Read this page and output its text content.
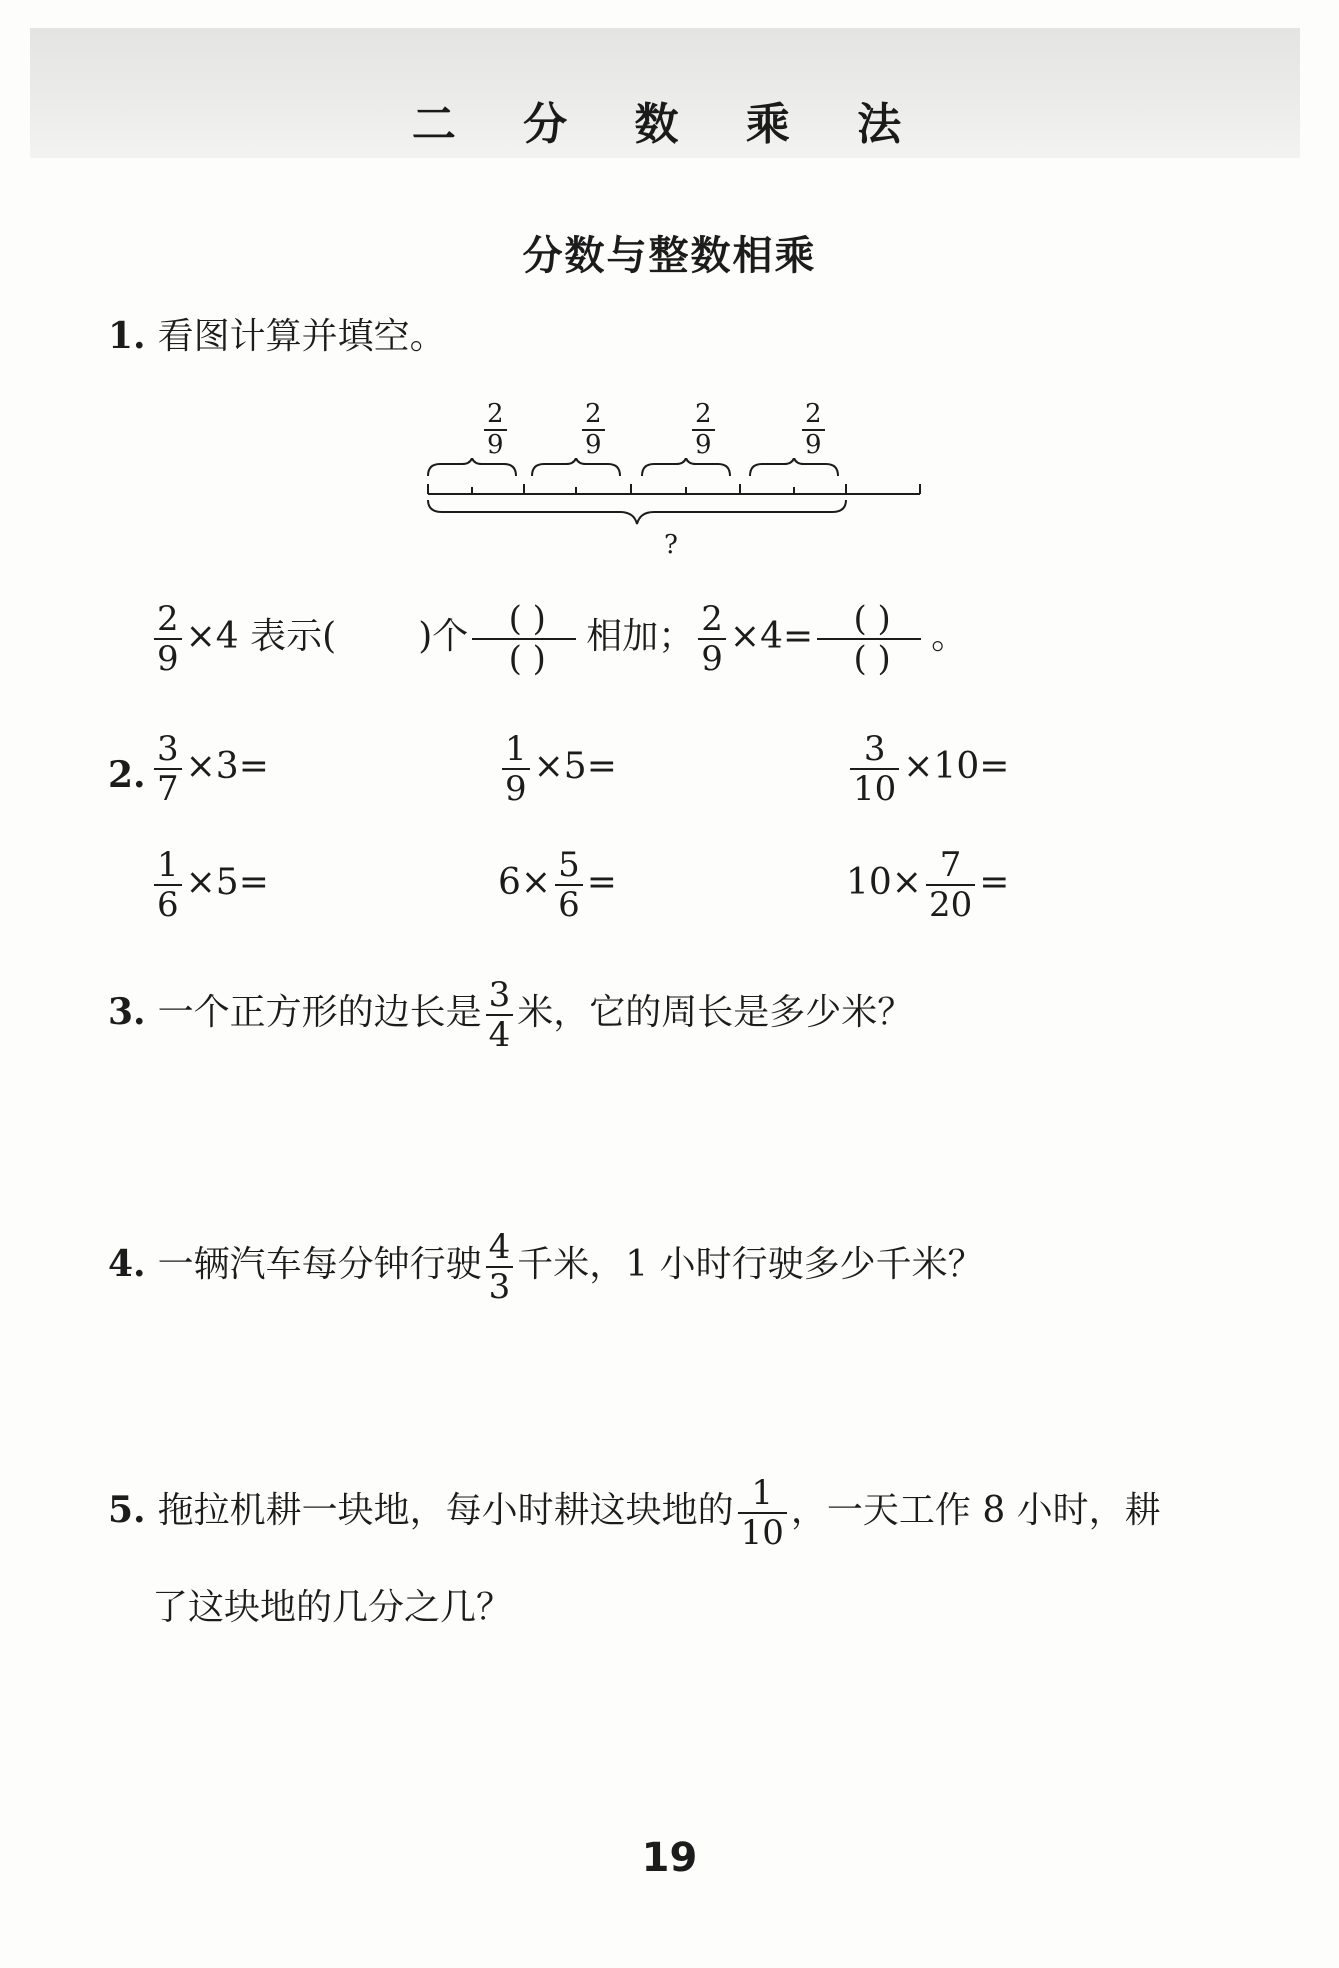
二 分 数 乘 法
分数与整数相乘
1. 看图计算并填空。
$\frac{2}{9}$	$\frac{2}{9}$	$\frac{2}{9}$	$\frac{2}{9}$
?
$\frac{2}{9} \times 4$ 表示( )个 $\frac{( )}{( )}$ 相加； $\frac{2}{9} \times 4= \frac{( )}{( )}$ 。
2. $\frac{3}{7} \times 3=$	$\frac{1}{9} \times 5=$	$\frac{3}{10} \times 10=$
$\frac{1}{6} \times 5=$	$6\times \frac{5}{6}$ =	$10\times \frac{7}{20}$ =
3. 一个正方形的边长是 $\frac{3}{4}$ 米，它的周长是多少米？
4. 一辆汽车每分钟行驶 $\frac{4}{3}$ 千米，1 小时行驶多少千米？
5. 拖拉机耕一块地，每小时耕这块地的 $\frac{1}{10}$ ，一天工作 8 小时，耕
了这块地的几分之几？
19
